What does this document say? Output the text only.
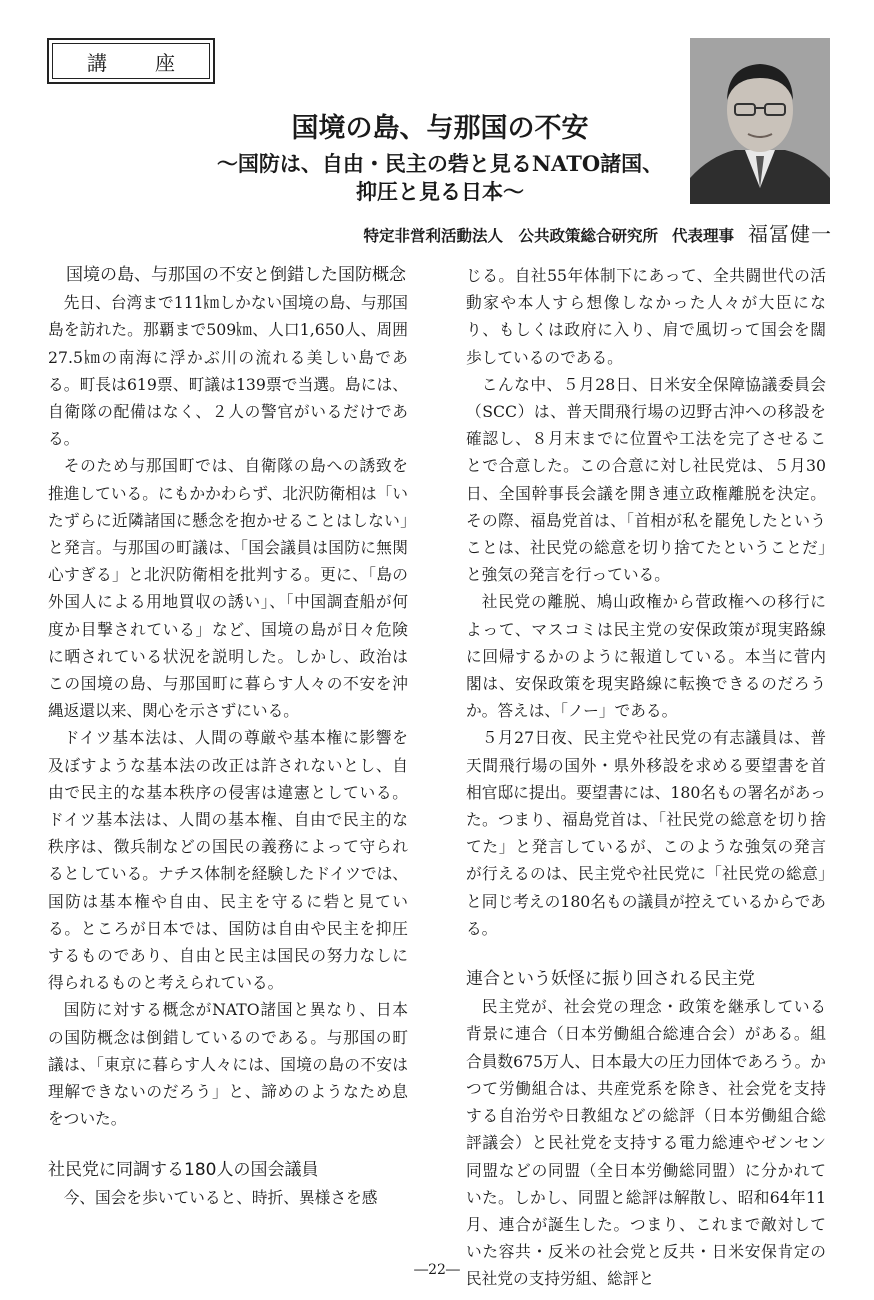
講　座
国境の島、与那国の不安
～国防は、自由・民主の砦と見るNATO諸国、
抑圧と見る日本～
特定非営利活動法人　公共政策総合研究所 代表理事 福冨健一
国境の島、与那国の不安と倒錯した国防概念

先日、台湾まで111㎞しかない国境の島、与那国島を訪れた。那覇まで509㎞、人口1,650人、周囲27.5㎞の南海に浮かぶ川の流れる美しい島である。町長は619票、町議は139票で当選。島には、自衛隊の配備はなく、２人の警官がいるだけである。

そのため与那国町では、自衛隊の島への誘致を推進している。にもかかわらず、北沢防衛相は「いたずらに近隣諸国に懸念を抱かせることはしない」と発言。与那国の町議は、「国会議員は国防に無関心すぎる」と北沢防衛相を批判する。更に、「島の外国人による用地買収の誘い」、「中国調査船が何度か目撃されている」など、国境の島が日々危険に晒されている状況を説明した。しかし、政治はこの国境の島、与那国町に暮らす人々の不安を沖縄返還以来、関心を示さずにいる。

ドイツ基本法は、人間の尊厳や基本権に影響を及ぼすような基本法の改正は許されないとし、自由で民主的な基本秩序の侵害は違憲としている。ドイツ基本法は、人間の基本権、自由で民主的な秩序は、徴兵制などの国民の義務によって守られるとしている。ナチス体制を経験したドイツでは、国防は基本権や自由、民主を守るに砦と見ている。ところが日本では、国防は自由や民主を抑圧するものであり、自由と民主は国民の努力なしに得られるものと考えられている。

国防に対する概念がNATO諸国と異なり、日本の国防概念は倒錯しているのである。与那国の町議は、「東京に暮らす人々には、国境の島の不安は理解できないのだろう」と、諦めのようなため息をついた。

社民党に同調する180人の国会議員

今、国会を歩いていると、時折、異様さを感

じる。自社55年体制下にあって、全共闘世代の活動家や本人すら想像しなかった人々が大臣になり、もしくは政府に入り、肩で風切って国会を闊歩しているのである。

こんな中、５月28日、日米安全保障協議委員会（SCC）は、普天間飛行場の辺野古沖への移設を確認し、８月末までに位置や工法を完了させることで合意した。この合意に対し社民党は、５月30日、全国幹事長会議を開き連立政権離脱を決定。その際、福島党首は、「首相が私を罷免したということは、社民党の総意を切り捨てたということだ」と強気の発言を行っている。

社民党の離脱、鳩山政権から菅政権への移行によって、マスコミは民主党の安保政策が現実路線に回帰するかのように報道している。本当に菅内閣は、安保政策を現実路線に転換できるのだろうか。答えは、「ノー」である。

５月27日夜、民主党や社民党の有志議員は、普天間飛行場の国外・県外移設を求める要望書を首相官邸に提出。要望書には、180名もの署名があった。つまり、福島党首は、「社民党の総意を切り捨てた」と発言しているが、このような強気の発言が行えるのは、民主党や社民党に「社民党の総意」と同じ考えの180名もの議員が控えているからである。

連合という妖怪に振り回される民主党

民主党が、社会党の理念・政策を継承している背景に連合（日本労働組合総連合会）がある。組合員数675万人、日本最大の圧力団体であろう。かつて労働組合は、共産党系を除き、社会党を支持する自治労や日教組などの総評（日本労働組合総評議会）と民社党を支持する電力総連やゼンセン同盟などの同盟（全日本労働総同盟）に分かれていた。しかし、同盟と総評は解散し、昭和64年11月、連合が誕生した。つまり、これまで敵対していた容共・反米の社会党と反共・日米安保肯定の民社党の支持労組、総評と

―22―
